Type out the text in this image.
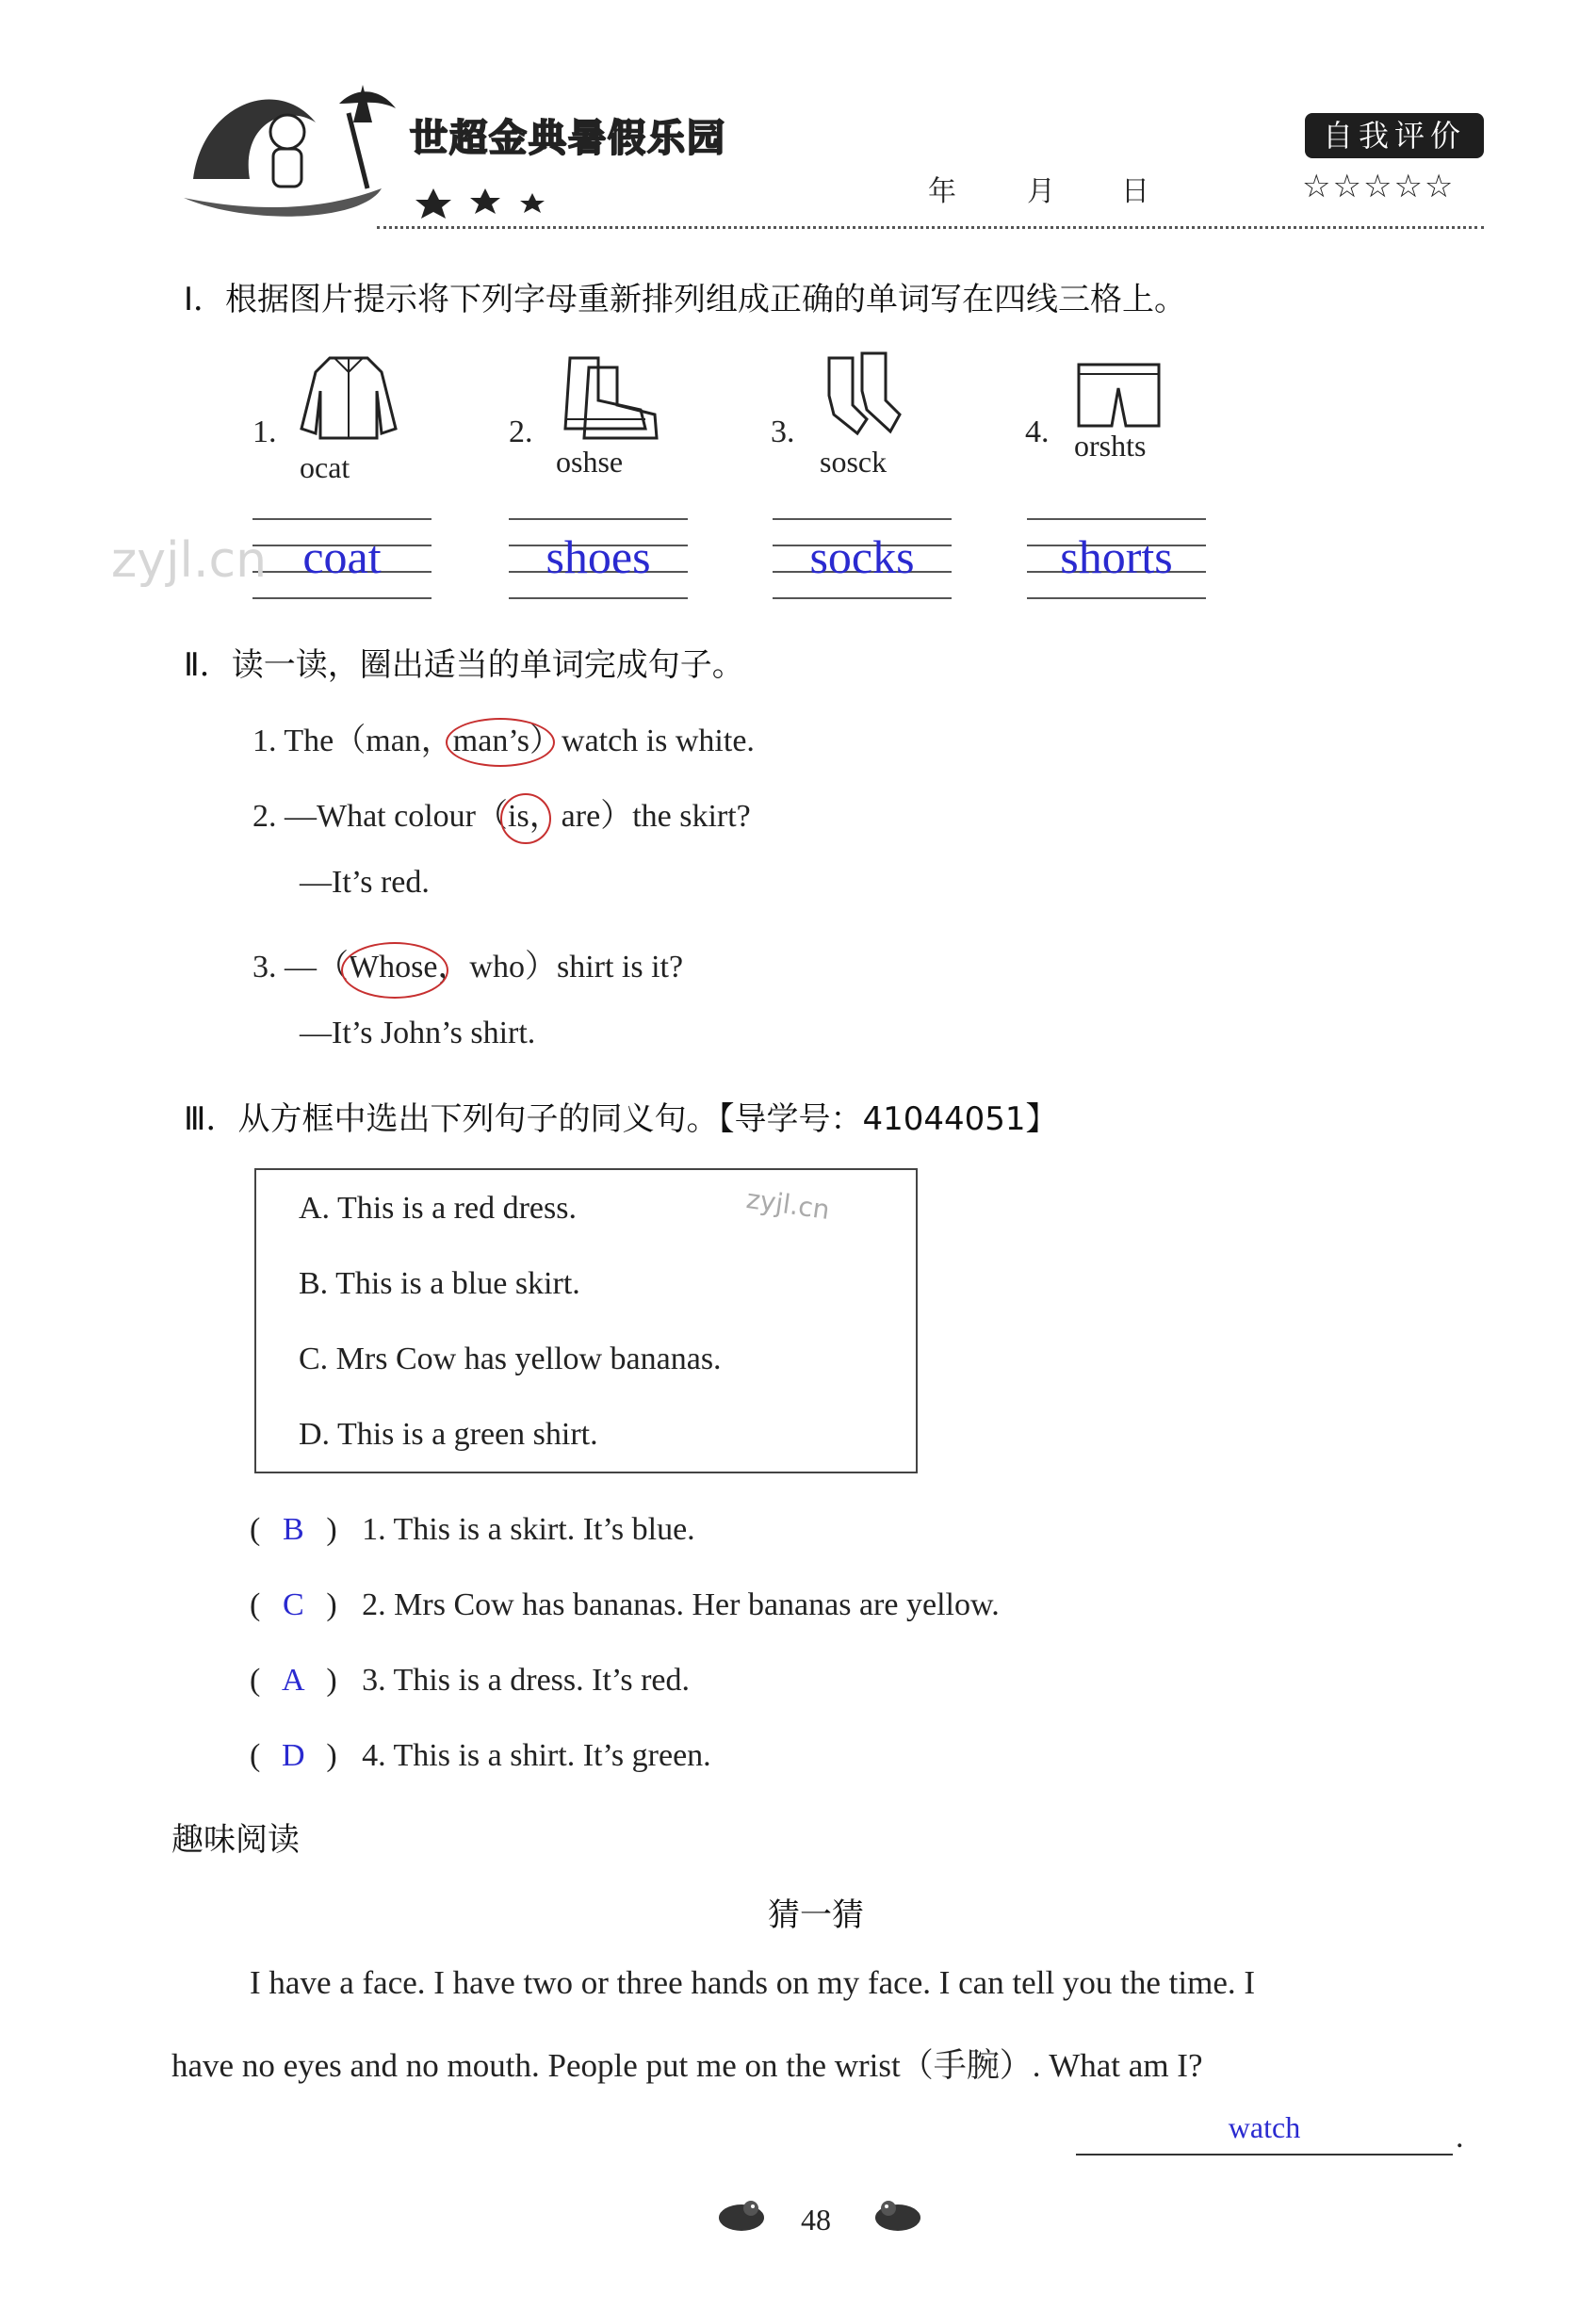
世超金典暑假乐园
年	月 日
自我评价
☆☆☆☆☆
I．根据图片提示将下列字母重新排列组成正确的单词写在四线三格上。
1.
ocat
coat
2.
oshse
shoes
3.
sosck
socks
4. orshts
shorts
zyjl.cn
Ⅱ．读一读，圈出适当的单词完成句子。
1. The（man，
man’s）watch is white.
2. —What colour（
is，are）the skirt?
—It’s red.
3. —（
Whose，who）shirt is it?
—It’s John’s shirt.
Ⅲ．从方框中选出下列句子的同义句。【导学号：41044051】
A. This is a red dress.
B. This is a blue skirt.
C. Mrs Cow has yellow bananas.
D. This is a green shirt.
zyjl.cn
( B ) 1. This is a skirt. It’s blue.
( C ) 2. Mrs Cow has bananas. Her bananas are yellow.
( A ) 3. This is a dress. It’s red.
( D ) 4. This is a shirt. It’s green.
趣味阅读
猜一猜
I have a face. I have two or three hands on my face. I can tell you the time. I
have no eyes and no mouth. People put me on the wrist（手腕）. What am I?
watch	.
48
